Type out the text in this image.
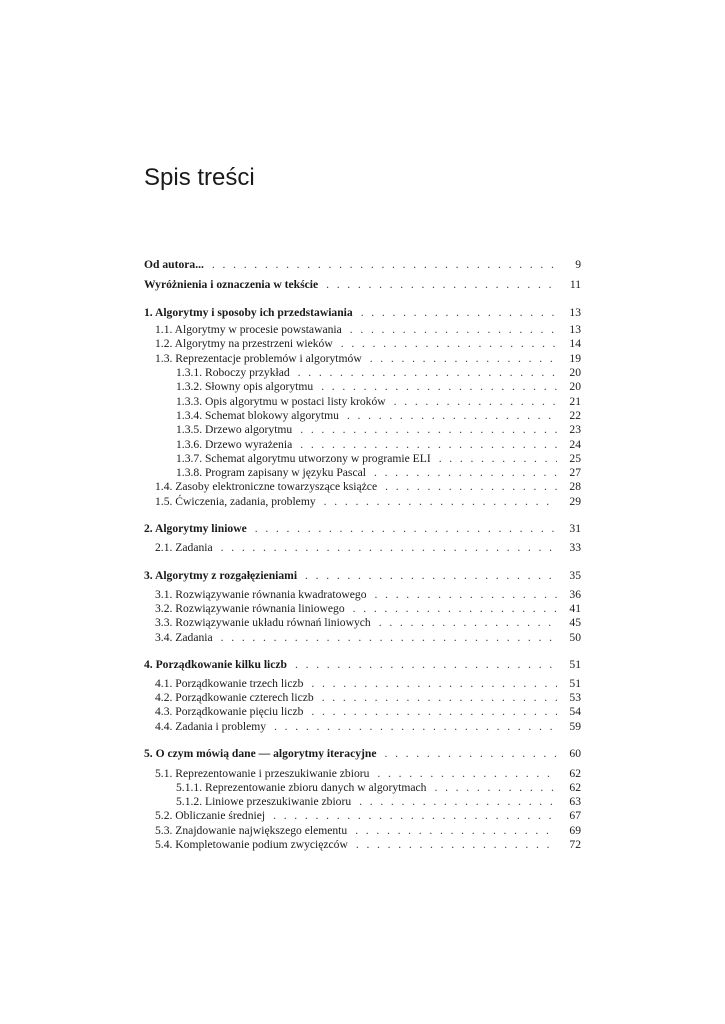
Spis treści
Od autora... . . .	9
Wyróżnienia i oznaczenia w tekście . . .	11
1. Algorytmy i sposoby ich przedstawiania . . .	13
1.1. Algorytmy w procesie powstawania . . .	13
1.2. Algorytmy na przestrzeni wieków . . .	14
1.3. Reprezentacje problemów i algorytmów . . .	19
1.3.1. Roboczy przykład . . .	20
1.3.2. Słowny opis algorytmu . . .	20
1.3.3. Opis algorytmu w postaci listy kroków . . .	21
1.3.4. Schemat blokowy algorytmu . . .	22
1.3.5. Drzewo algorytmu . . .	23
1.3.6. Drzewo wyrażenia . . .	24
1.3.7. Schemat algorytmu utworzony w programie ELI . . .	25
1.3.8. Program zapisany w języku Pascal . . .	27
1.4. Zasoby elektroniczne towarzyszące książce . . .	28
1.5. Ćwiczenia, zadania, problemy . . .	29
2. Algorytmy liniowe . . .	31
2.1. Zadania . . .	33
3. Algorytmy z rozgałęzieniami . . .	35
3.1. Rozwiązywanie równania kwadratowego . . .	36
3.2. Rozwiązywanie równania liniowego . . .	41
3.3. Rozwiązywanie układu równań liniowych . . .	45
3.4. Zadania . . .	50
4. Porządkowanie kilku liczb . . .	51
4.1. Porządkowanie trzech liczb . . .	51
4.2. Porządkowanie czterech liczb . . .	53
4.3. Porządkowanie pięciu liczb . . .	54
4.4. Zadania i problemy . . .	59
5. O czym mówią dane — algorytmy iteracyjne . . .	60
5.1. Reprezentowanie i przeszukiwanie zbioru . . .	62
5.1.1. Reprezentowanie zbioru danych w algorytmach . . .	62
5.1.2. Liniowe przeszukiwanie zbioru . . .	63
5.2. Obliczanie średniej . . .	67
5.3. Znajdowanie największego elementu . . .	69
5.4. Kompletowanie podium zwycięzców . . .	72
